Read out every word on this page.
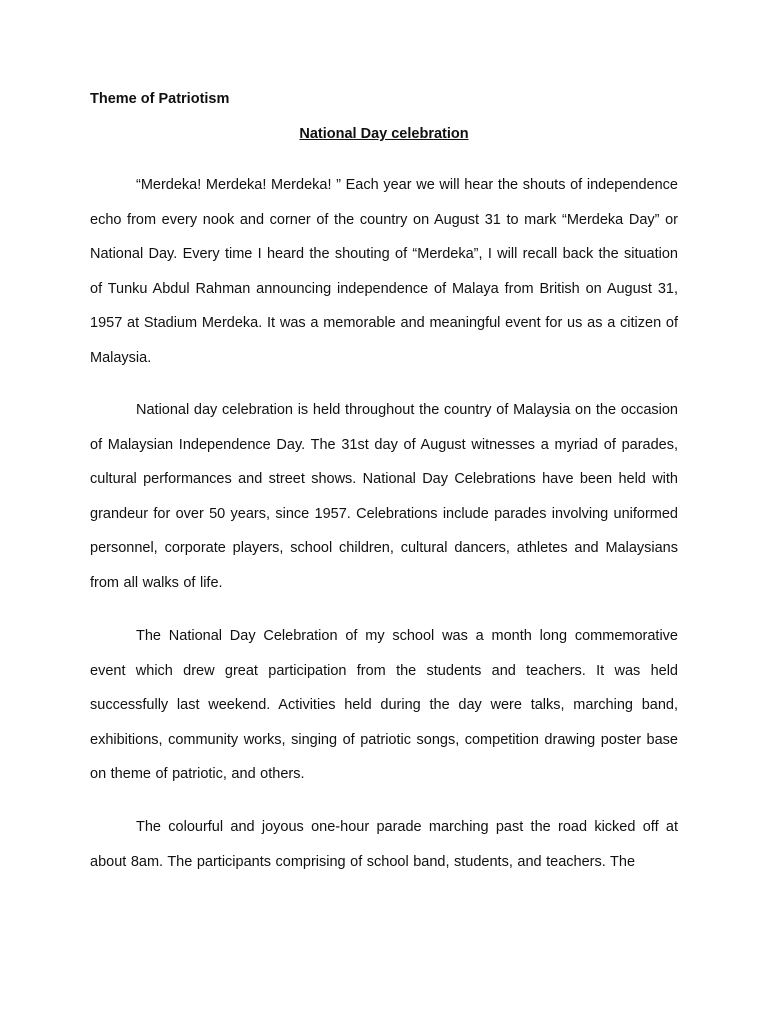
Theme of Patriotism
National Day celebration

“Merdeka! Merdeka! Merdeka! ” Each year we will hear the shouts of independence echo from every nook and corner of the country on August 31 to mark “Merdeka Day” or National Day. Every time I heard the shouting of “Merdeka”, I will recall back the situation of Tunku Abdul Rahman announcing independence of Malaya from British on August 31, 1957 at Stadium Merdeka. It was a memorable and meaningful event for us as a citizen of Malaysia.

National day celebration is held throughout the country of Malaysia on the occasion of Malaysian Independence Day. The 31st day of August witnesses a myriad of parades, cultural performances and street shows. National Day Celebrations have been held with grandeur for over 50 years, since 1957. Celebrations include parades involving uniformed personnel, corporate players, school children, cultural dancers, athletes and Malaysians from all walks of life.

The National Day Celebration of my school was a month long commemorative event which drew great participation from the students and teachers. It was held successfully last weekend. Activities held during the day were talks, marching band, exhibitions, community works, singing of patriotic songs, competition drawing poster base on theme of patriotic, and others.

The colourful and joyous one-hour parade marching past the road kicked off at about 8am. The participants comprising of school band, students, and teachers. The
